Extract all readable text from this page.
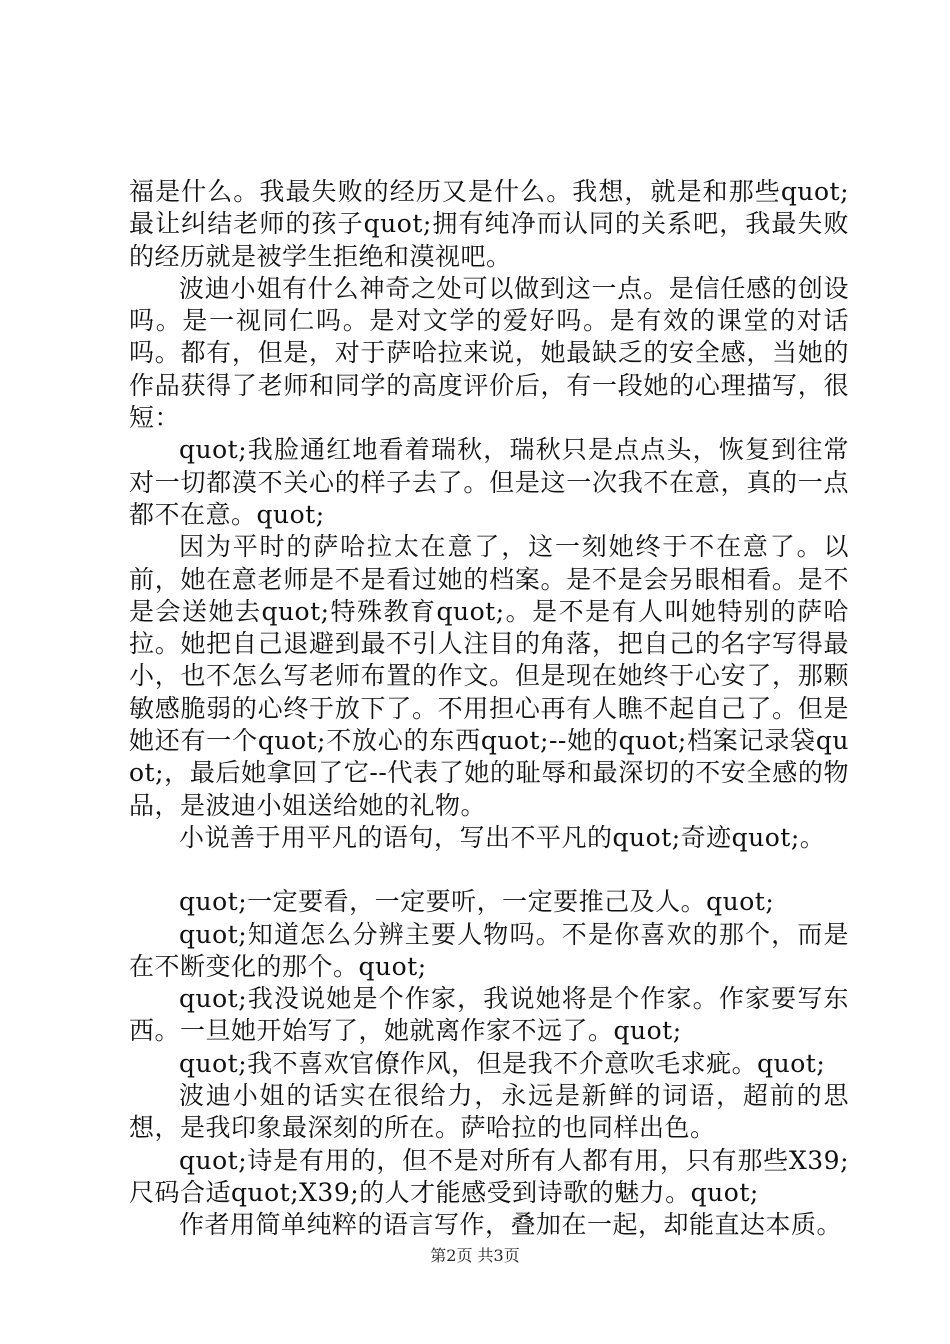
福是什么。我最失败的经历又是什么。我想，就是和那些quot;最让纠结老师的孩子quot;拥有纯净而认同的关系吧，我最失败的经历就是被学生拒绝和漠视吧。

波迪小姐有什么神奇之处可以做到这一点。是信任感的创设吗。是一视同仁吗。是对文学的爱好吗。是有效的课堂的对话吗。都有，但是，对于萨哈拉来说，她最缺乏的安全感，当她的作品获得了老师和同学的高度评价后，有一段她的心理描写，很短：

quot;我脸通红地看着瑞秋，瑞秋只是点点头，恢复到往常对一切都漠不关心的样子去了。但是这一次我不在意，真的一点都不在意。quot;

因为平时的萨哈拉太在意了，这一刻她终于不在意了。以前，她在意老师是不是看过她的档案。是不是会另眼相看。是不是会送她去quot;特殊教育quot;。是不是有人叫她特别的萨哈拉。她把自己退避到最不引人注目的角落，把自己的名字写得最小，也不怎么写老师布置的作文。但是现在她终于心安了，那颗敏感脆弱的心终于放下了。不用担心再有人瞧不起自己了。但是她还有一个quot;不放心的东西quot;--她的quot;档案记录袋quot;，最后她拿回了它--代表了她的耻辱和最深切的不安全感的物品，是波迪小姐送给她的礼物。

小说善于用平凡的语句，写出不平凡的quot;奇迹quot;。

quot;一定要看，一定要听，一定要推己及人。quot;

quot;知道怎么分辨主要人物吗。不是你喜欢的那个，而是在不断变化的那个。quot;

quot;我没说她是个作家，我说她将是个作家。作家要写东西。一旦她开始写了，她就离作家不远了。quot;

quot;我不喜欢官僚作风，但是我不介意吹毛求疵。quot;

波迪小姐的话实在很给力，永远是新鲜的词语，超前的思想，是我印象最深刻的所在。萨哈拉的也同样出色。

quot;诗是有用的，但不是对所有人都有用，只有那些X39;尺码合适quot;X39;的人才能感受到诗歌的魅力。quot;

作者用简单纯粹的语言写作，叠加在一起，却能直达本质。

第2页 共3页
